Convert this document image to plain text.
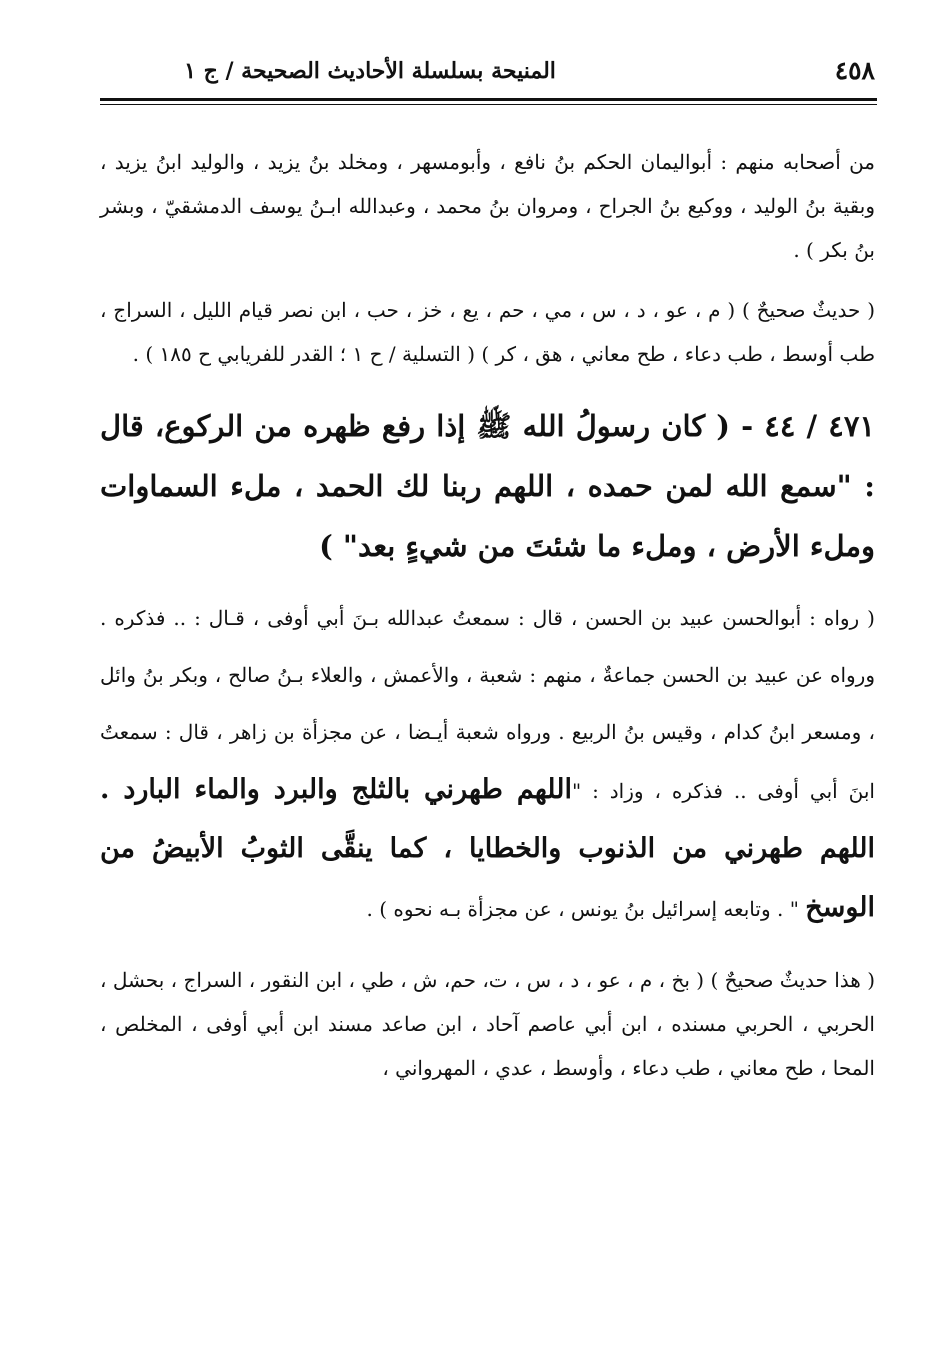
٤٥٨
المنيحة بسلسلة الأحاديث الصحيحة / ج ١

من أصحابه منهم : أبواليمان الحكم بنُ نافع ، وأبومسهر ، ومخلد بنُ يزيد ، والوليد ابنُ يزيد ، وبقية بنُ الوليد ، ووكيع بنُ الجراح ، ومروان بنُ محمد ، وعبدالله ابـنُ يوسف الدمشقيّ ، وبشر بنُ بكر ) .

( حديثٌ صحيحٌ ) ( م ، عو ، د ، س ، مي ، حم ، يع ، خز ، حب ، ابن نصر قيام الليل ، السراج ، طب أوسط ، طب دعاء ، طح معاني ، هق ، كر ) ( التسلية / ح ١ ؛ القدر للفريابي ح ١٨٥ ) .

٤٧١ / ٤٤ - ( كان رسولُ الله ﷺ إذا رفع ظهره من الركوع، قال : "سمع الله لمن حمده ، اللهم ربنا لك الحمد ، ملء السماوات وملء الأرض ، وملء ما شئتَ من شيءٍ بعد" )

( رواه : أبوالحسن عبيد بن الحسن ، قال : سمعتُ عبدالله بـنَ أبي أوفى ، قـال : .. فذكره . ورواه عن عبيد بن الحسن جماعةٌ ، منهم : شعبة ، والأعمش ، والعلاء بـنُ صالح ، وبكر بنُ وائل ، ومسعر ابنُ كدام ، وقيس بنُ الربيع . ورواه شعبة أيـضا ، عن مجزأة بن زاهر ، قال : سمعتُ ابنَ أبي أوفى .. فذكره ، وزاد : "اللهم طهرني بالثلج والبرد والماء البارد . اللهم طهرني من الذنوب والخطايا ، كما ينقَّى الثوبُ الأبيضُ من الوسخ " . وتابعه إسرائيل بنُ يونس ، عن مجزأة بـه نحوه ) .

( هذا حديثٌ صحيحٌ ) ( بخ ، م ، عو ، د ، س ، ت، حم، ش ، طي ، ابن النقور ، السراج ، بحشل ، الحربي ، الحربي مسنده ، ابن أبي عاصم آحاد ، ابن صاعد مسند ابن أبي أوفى ، المخلص ، المحا ، طح معاني ، طب دعاء ، وأوسط ، عدي ، المهرواني ،
